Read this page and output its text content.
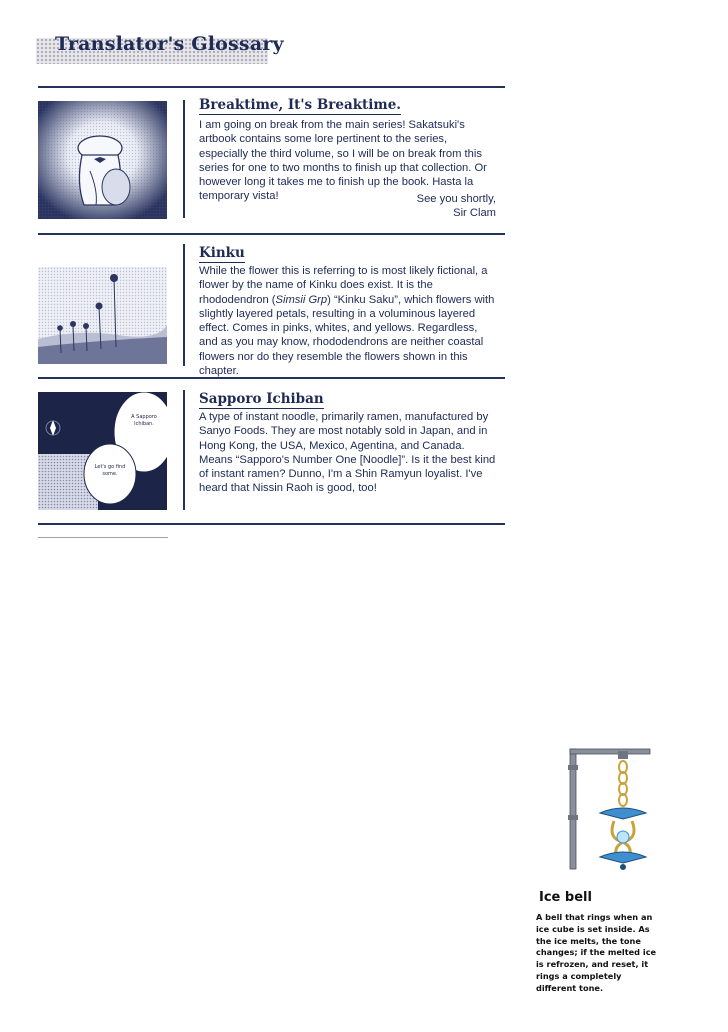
Translator's Glossary
Breaktime, It's Breaktime.

I am going on break from the main series! Sakatsuki's artbook contains some lore pertinent to the series, especially the third volume, so I will be on break from this series for one to two months to finish up that collection. Or however long it takes me to finish up the book. Hasta la temporary vista!	See you shortly,
Sir Clam
Kinku

While the flower this is referring to is most likely fictional, a flower by the name of Kinku does exist. It is the rhododendron (Simsii Grp) “Kinku Saku”, which flowers with slightly layered petals, resulting in a voluminous layered effect. Comes in pinks, whites, and yellows. Regardless, and as you may know, rhododendrons are neither coastal flowers nor do they resemble the flowers shown in this chapter.

A Sapporo Ichiban.
Let's go find some.
Sapporo Ichiban

A type of instant noodle, primarily ramen, manufactured by Sanyo Foods. They are most notably sold in Japan, and in Hong Kong, the USA, Mexico, Agentina, and Canada. Means “Sapporo's Number One [Noodle]”. Is it the best kind of instant ramen? Dunno, I'm a Shin Ramyun loyalist. I've heard that Nissin Raoh is good, too!

Ice bell

A bell that rings when an ice cube is set inside. As the ice melts, the tone changes; if the melted ice is refrozen, and reset, it rings a completely different tone.
